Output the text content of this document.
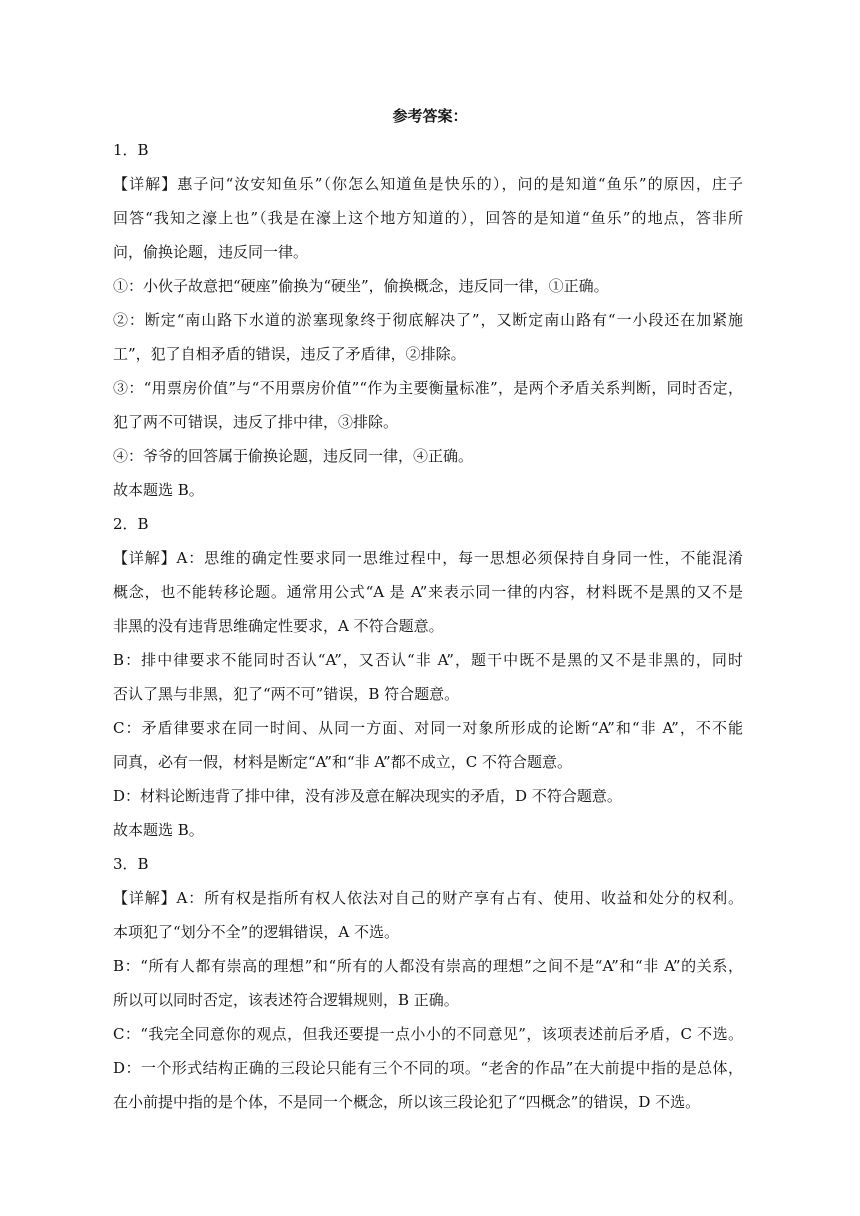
参考答案：

1．B

【详解】惠子问“汝安知鱼乐”（你怎么知道鱼是快乐的），问的是知道“鱼乐”的原因，庄子

回答“我知之濠上也”（我是在濠上这个地方知道的），回答的是知道“鱼乐”的地点，答非所

问，偷换论题，违反同一律。

①：小伙子故意把“硬座”偷换为“硬坐”，偷换概念，违反同一律，①正确。

②：断定“南山路下水道的淤塞现象终于彻底解决了”，又断定南山路有“一小段还在加紧施

工”，犯了自相矛盾的错误，违反了矛盾律，②排除。

③：“用票房价值”与“不用票房价值”“作为主要衡量标准”，是两个矛盾关系判断，同时否定，

犯了两不可错误，违反了排中律，③排除。

④：爷爷的回答属于偷换论题，违反同一律，④正确。

故本题选 B。

2．B

【详解】A：思维的确定性要求同一思维过程中，每一思想必须保持自身同一性，不能混淆

概念，也不能转移论题。通常用公式“A 是 A”来表示同一律的内容，材料既不是黑的又不是

非黑的没有违背思维确定性要求，A 不符合题意。

B：排中律要求不能同时否认“A”，又否认“非 A”，题干中既不是黑的又不是非黑的，同时

否认了黑与非黑，犯了“两不可”错误，B 符合题意。

C：矛盾律要求在同一时间、从同一方面、对同一对象所形成的论断“A”和“非 A”，不不能

同真，必有一假，材料是断定“A”和“非 A”都不成立，C 不符合题意。

D：材料论断违背了排中律，没有涉及意在解决现实的矛盾，D 不符合题意。

故本题选 B。

3．B

【详解】A：所有权是指所有权人依法对自己的财产享有占有、使用、收益和处分的权利。

本项犯了“划分不全”的逻辑错误，A 不选。

B：“所有人都有崇高的理想”和“所有的人都没有崇高的理想”之间不是“A”和“非 A”的关系，

所以可以同时否定，该表述符合逻辑规则，B 正确。

C：“我完全同意你的观点，但我还要提一点小小的不同意见”，该项表述前后矛盾，C 不选。

D：一个形式结构正确的三段论只能有三个不同的项。“老舍的作品”在大前提中指的是总体，

在小前提中指的是个体，不是同一个概念，所以该三段论犯了“四概念”的错误，D 不选。
